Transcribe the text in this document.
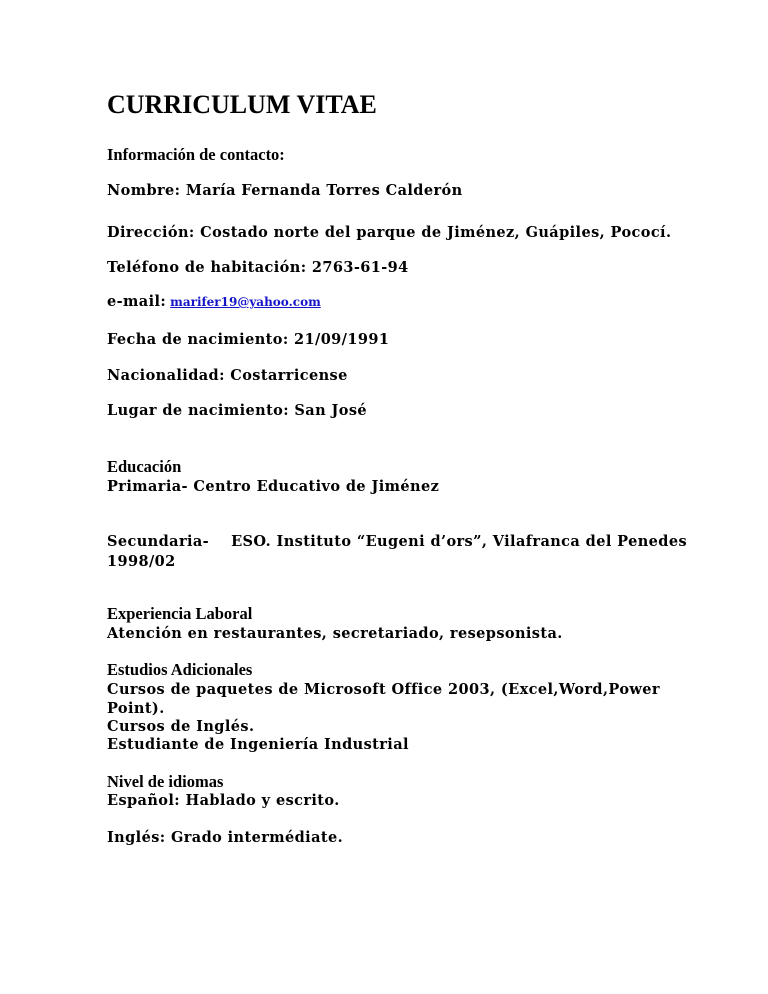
CURRICULUM VITAE
Información de contacto:
Nombre: María Fernanda Torres Calderón
Dirección: Costado norte del parque de Jiménez, Guápiles, Pococí.
Teléfono de habitación: 2763-61-94
e-mail: marifer19@yahoo.com
Fecha de nacimiento: 21/09/1991
Nacionalidad: Costarricense
Lugar de nacimiento: San José
Educación
Primaria- Centro Educativo de Jiménez
Secundaria- ESO. Instituto “Eugeni d’ors”, Vilafranca del Penedes
1998/02
Experiencia Laboral
Atención en restaurantes, secretariado, resepsonista.
Estudios Adicionales
Cursos de paquetes de Microsoft Office 2003, (Excel,Word,Power
Point).
Cursos de Inglés.
Estudiante de Ingeniería Industrial
Nivel de idiomas
Español: Hablado y escrito.
Inglés: Grado intermédiate.
